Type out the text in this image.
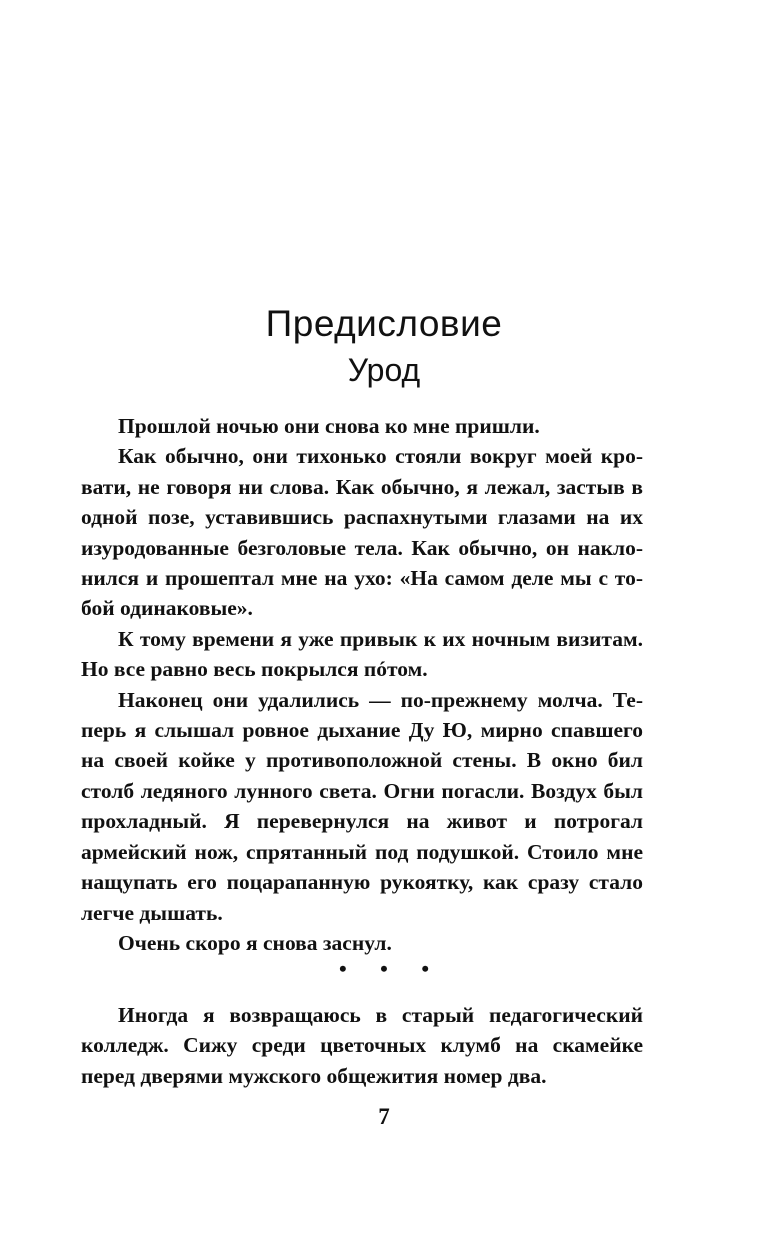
Предисловие
Урод

Прошлой ночью они снова ко мне пришли.

Как обычно, они тихонько стояли вокруг моей кровати, не говоря ни слова. Как обычно, я лежал, застыв в одной позе, уставившись распахнутыми глазами на их изуродованные безголовые тела. Как обычно, он наклонился и прошептал мне на ухо: «На самом деле мы с тобой одинаковые».

К тому времени я уже привык к их ночным визитам. Но все равно весь покрылся пóтом.

Наконец они удалились — по-прежнему молча. Теперь я слышал ровное дыхание Ду Ю, мирно спавшего на своей койке у противоположной стены. В окно бил столб ледяного лунного света. Огни погасли. Воздух был прохладный. Я перевернулся на живот и потрогал армейский нож, спрятанный под подушкой. Стоило мне нащупать его поцарапанную рукоятку, как сразу стало легче дышать.

Очень скоро я снова заснул.

• • •

Иногда я возвращаюсь в старый педагогический колледж. Сижу среди цветочных клумб на скамейке перед дверями мужского общежития номер два.

7
